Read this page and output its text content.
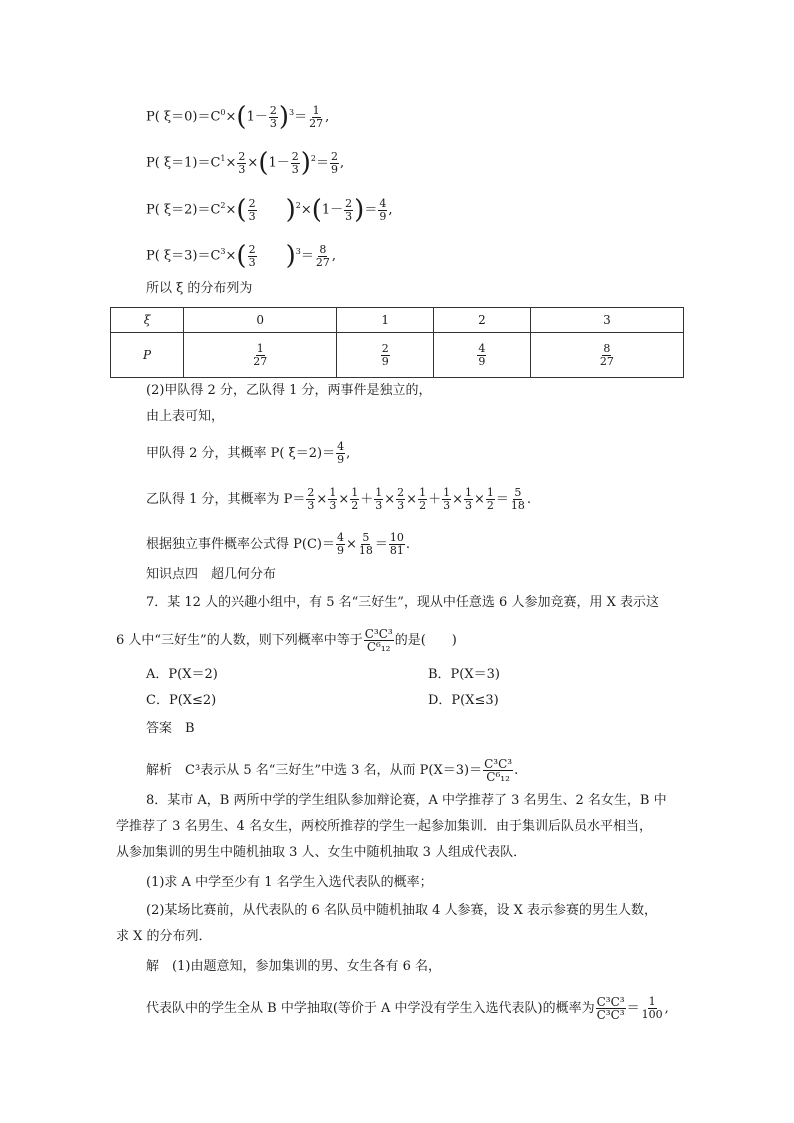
P( $\xi=0)=C^0\times(1- \frac{2}{3} )^3= \frac{1}{27}$ ,
P( $\xi=1)=C^1\times \frac{2}{3} \times(1- \frac{2}{3} )^2= \frac{2}{9}$ ,
P( $\xi=2)=C^2\times( \frac{2}{3} )^2\times(1- \frac{2}{3}$ )＝ $\frac{4}{9}$ ,
P( $\xi=3)=C^3\times( \frac{2}{3} )^3= \frac{8}{27}$ ,
所以 ξ 的分布列为
ξ	0	1	2	3
P	$\frac{1}{27}$	$\frac{2}{9}$	$\frac{4}{9}$	$\frac{8}{27}$
(2)甲队得 2 分，乙队得 1 分，两事件是独立的，
由上表可知，
甲队得 2 分，其概率 P( $\xi=2)= \frac{4}{9}$ ,
乙队得 1 分，其概率为 $P= \frac{2}{3} \times \frac{1}{3} \times \frac{1}{2} + \frac{1}{3} \times \frac{2}{3} \times \frac{1}{2} + \frac{1}{3} \times \frac{1}{3} \times \frac{1}{2} = \frac{5}{18}$ .
根据独立事件概率公式得 $P(C)= \frac{4}{9} \times \frac{5}{18} = \frac{10}{81}$ .
知识点四　超几何分布
7．某 12 人的兴趣小组中，有 5 名“三好生”，现从中任意选 6 人参加竞赛，用 X 表示这
6 人中“三好生”的人数，则下列概率中等于 $\frac{\text{C³C³}}{\text{C⁶₁₂}}$ 的是(　　)
A．P(X＝2)	B．P(X＝3)
C．P(X≤2)	D．P(X≤3)
答案　 B
解析　 C³表示从 5 名“三好生”中选 3 名，从而 $P(X=3)= \frac{\text{C³C³}}{\text{C⁶₁₂}}$ .
8．某市 A，B 两所中学的学生组队参加辩论赛，A 中学推荐了 3 名男生、2 名女生，B 中
学推荐了 3 名男生、4 名女生，两校所推荐的学生一起参加集训．由于集训后队员水平相当，
从参加集训的男生中随机抽取 3 人、女生中随机抽取 3 人组成代表队．
(1)求 A 中学至少有 1 名学生入选代表队的概率；
(2)某场比赛前，从代表队的 6 名队员中随机抽取 4 人参赛，设 X 表示参赛的男生人数，
求 X 的分布列．
解　 (1)由题意知，参加集训的男、女生各有 6 名，
代表队中的学生全从 B 中学抽取(等价于 A 中学没有学生入选代表队)的概率为 $\frac{\text{C³C³}}{\text{C³C³}} = \frac{1}{100}$ ,
